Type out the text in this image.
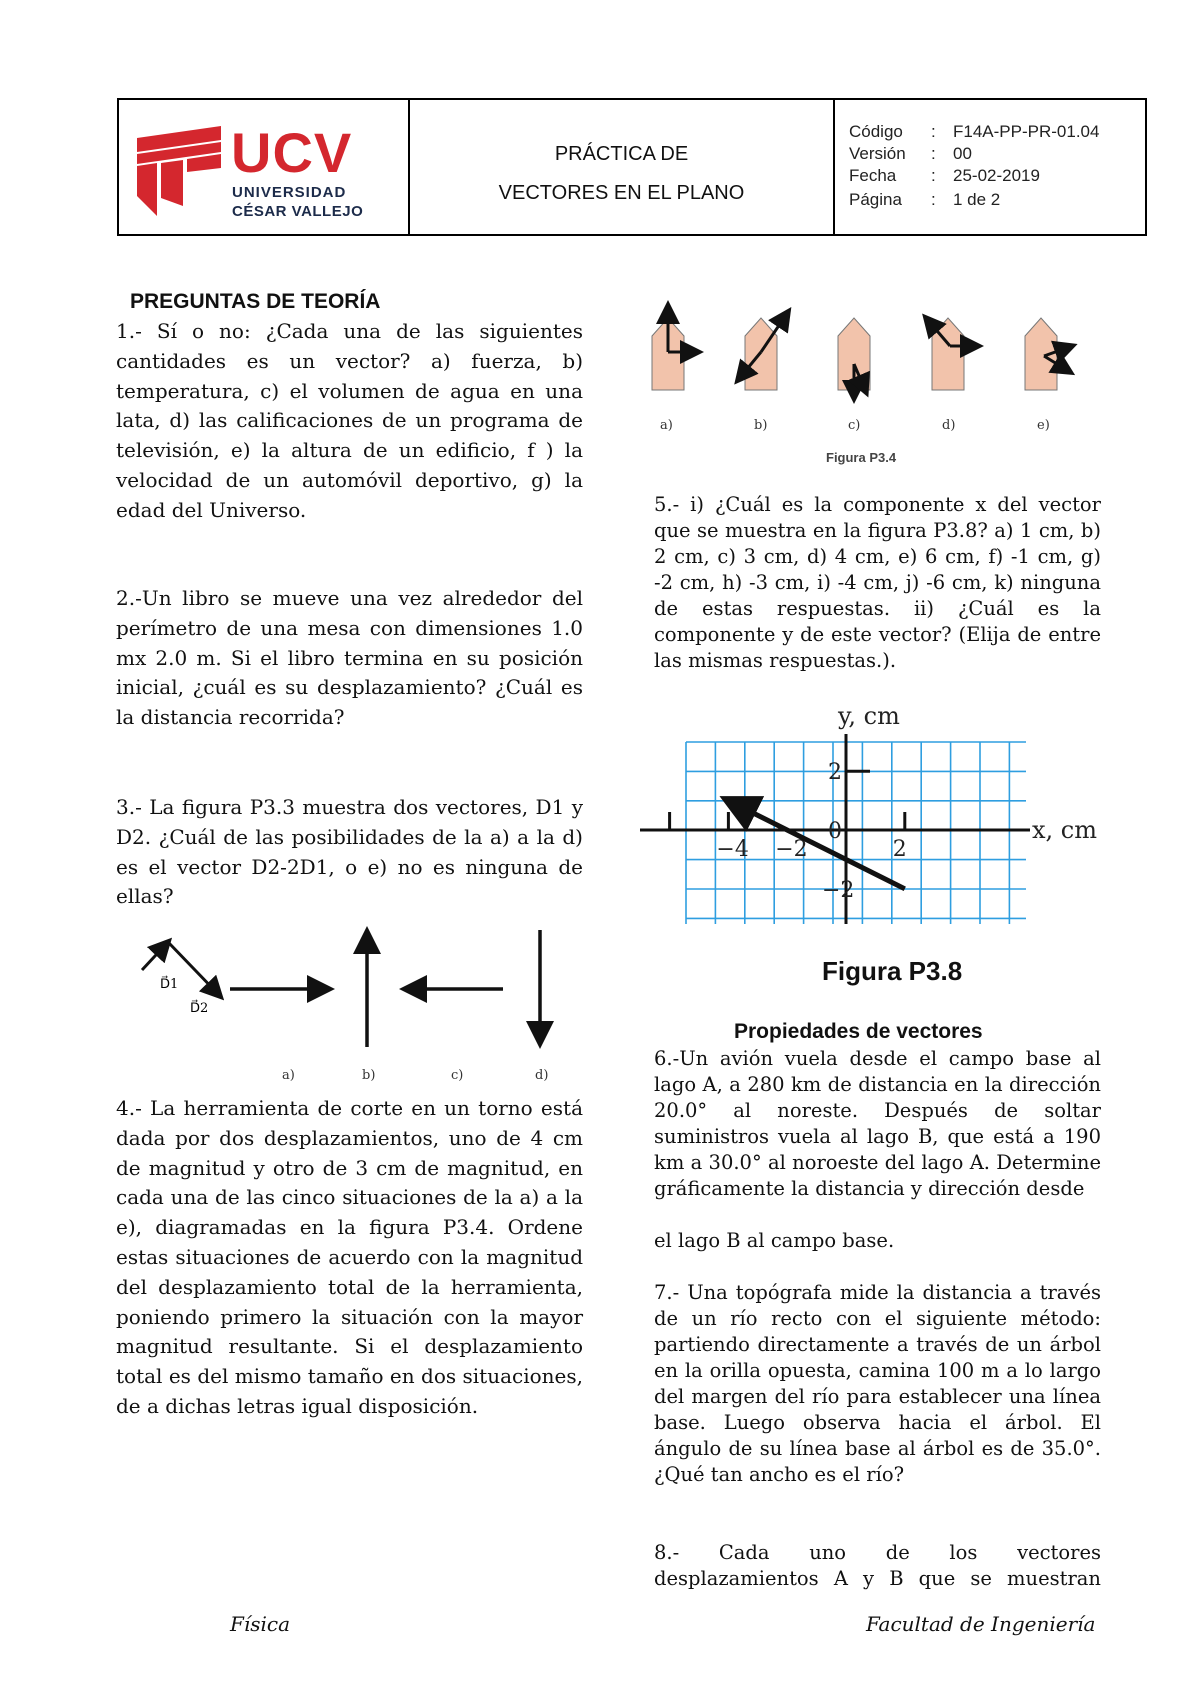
UCV
UNIVERSIDAD
CÉSAR VALLEJO
PRÁCTICA DE
VECTORES EN EL PLANO
Código : F14A-PP-PR-01.04
Versión : 00
Fecha : 25-02-2019
Página : 1 de 2
PREGUNTAS DE TEORÍA
1.- Sí o no: ¿Cada una de las siguientes cantidades es un vector? a) fuerza, b) temperatura, c) el volumen de agua en una lata, d) las calificaciones de un programa de televisión, e) la altura de un edificio, f ) la velocidad de un automóvil deportivo, g) la edad del Universo.
2.-Un libro se mueve una vez alrededor del perímetro de una mesa con dimensiones 1.0 mx 2.0 m. Si el libro termina en su posición inicial, ¿cuál es su desplazamiento? ¿Cuál es la distancia recorrida?
3.- La figura P3.3 muestra dos vectores, D1 y D2. ¿Cuál de las posibilidades de la a) a la d) es el vector D2-2D1, o e) no es ninguna de ellas?
D⃗1
D⃗2
a)	b)	c)	d)
4.- La herramienta de corte en un torno está dada por dos desplazamientos, uno de 4 cm de magnitud y otro de 3 cm de magnitud, en cada una de las cinco situaciones de la a) a la e), diagramadas en la figura P3.4. Ordene estas situaciones de acuerdo con la magnitud del desplazamiento total de la herramienta, poniendo primero la situación con la mayor magnitud resultante. Si el desplazamiento total es del mismo tamaño en dos situaciones, de a dichas letras igual disposición.
a)	b)	c)	d)	e)
Figura P3.4
5.- i) ¿Cuál es la componente x del vector que se muestra en la figura P3.8? a) 1 cm, b) 2 cm, c) 3 cm, d) 4 cm, e) 6 cm, f) -1 cm, g) -2 cm, h) -3 cm, i) -4 cm, j) -6 cm, k) ninguna de estas respuestas. ii) ¿Cuál es la componente y de este vector? (Elija de entre las mismas respuestas.).
−4 −2	2
−2
0
2
x, cm
y, cm
Figura P3.8
Propiedades de vectores
6.-Un avión vuela desde el campo base al lago A, a 280 km de distancia en la dirección 20.0° al noreste. Después de soltar suministros vuela al lago B, que está a 190 km a 30.0° al noroeste del lago A. Determine gráficamente la distancia y dirección desde
el lago B al campo base.
7.- Una topógrafa mide la distancia a través de un río recto con el siguiente método: partiendo directamente a través de un árbol en la orilla opuesta, camina 100 m a lo largo del margen del río para establecer una línea base. Luego observa hacia el árbol. El ángulo de su línea base al árbol es de 35.0°. ¿Qué tan ancho es el río?
8.- Cada uno de los vectores desplazamientos A y B que se muestran
Física	Facultad de Ingeniería
